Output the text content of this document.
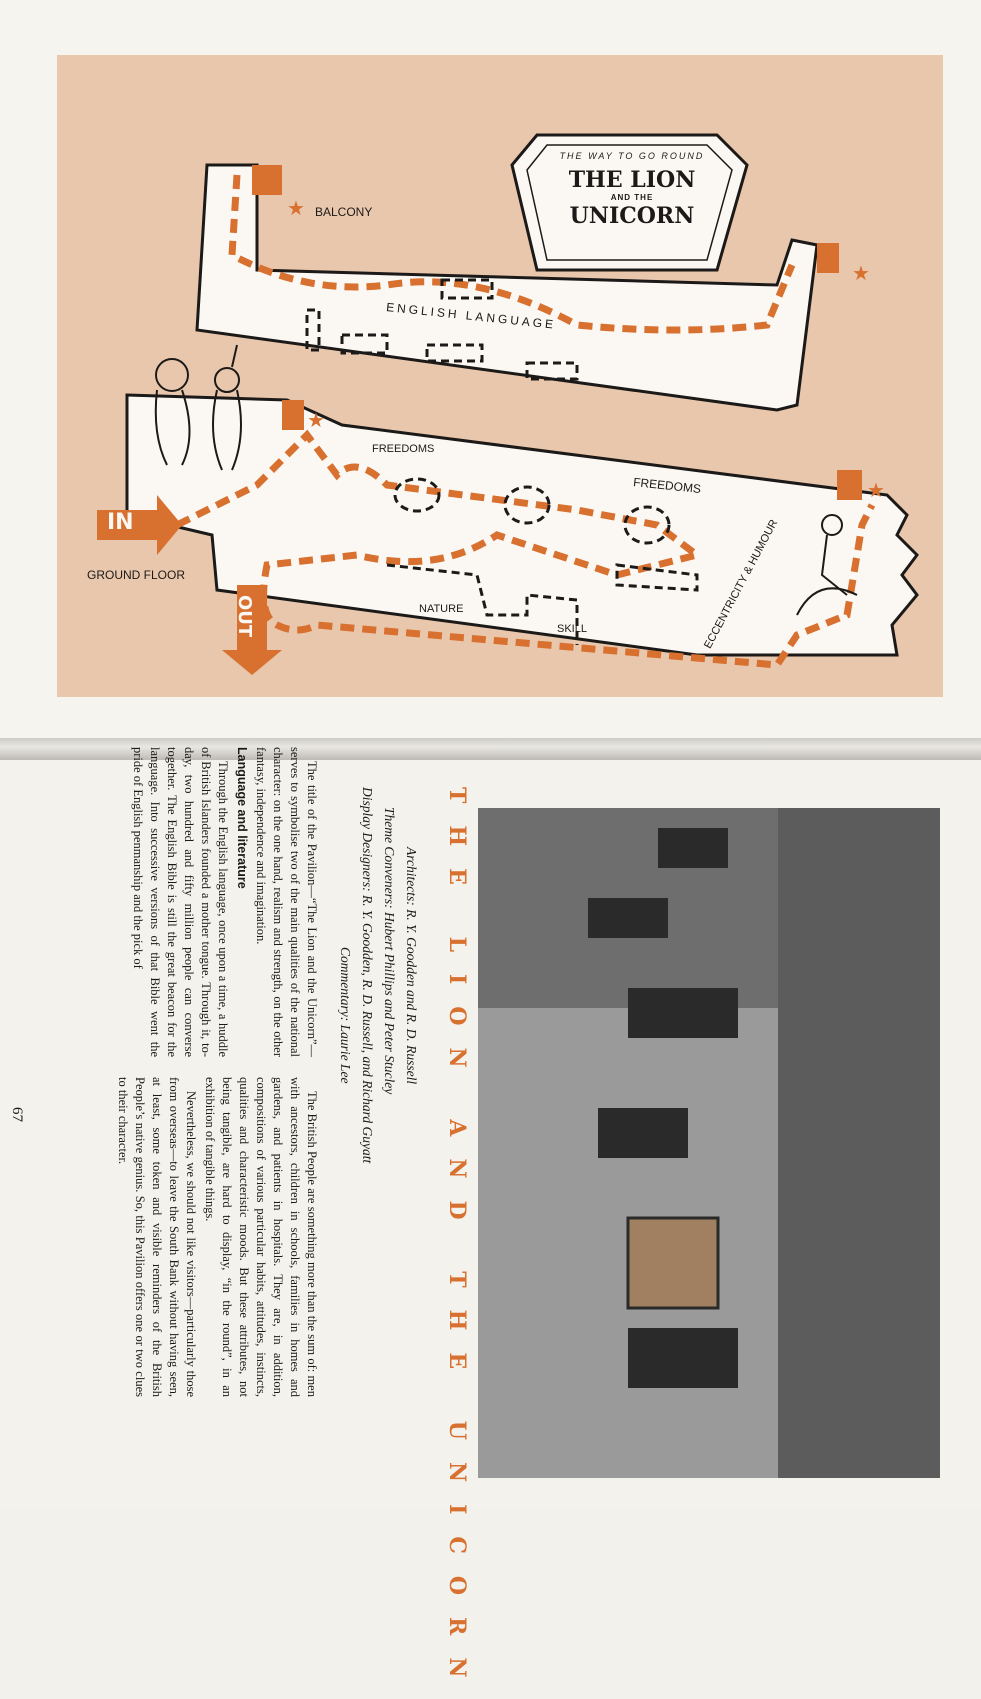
★
★
★
★
THE WAY TO GO ROUND
THE LION
AND THE
UNICORN
BALCONY
ENGLISH LANGUAGE
FREEDOMS
FREEDOMS
NATURE
SKILL	ECCENTRICITY & HUMOUR
IN
OUT
GROUND FLOOR
THE LION AND THE UNICORN
Architects: R. Y. Goodden and R. D. Russell
Theme Conveners: Hubert Phillips and Peter Stucley
Display Designers: R. Y. Goodden, R. D. Russell, and Richard Guyatt
Commentary: Laurie Lee

The title of the Pavilion—“The Lion and the Unicorn”—serves to symbolise two of the main qualities of the national character: on the one hand, realism and strength, on the other fantasy, independence and imagination.

Language and literature

Through the English language, once upon a time, a huddle of British Islanders founded a mother tongue. Through it, to-day, two hundred and fifty million people can converse together. The English Bible is still the great beacon for the language. Into successive versions of that Bible went the pride of English penmanship and the pick of

The British People are something more than the sum of: men with ancestors, children in schools, families in homes and gardens, and patients in hospitals. They are, in addition, compositions of various particular habits, attitudes, instincts, qualities and characteristic moods. But these attributes, not being tangible, are hard to display, “in the round”, in an exhibition of tangible things.

Nevertheless, we should not like visitors—particularly those from overseas—to leave the South Bank without having seen, at least, some token and visible reminders of the British People’s native genius. So, this Pavilion offers one or two clues to their character.

67
